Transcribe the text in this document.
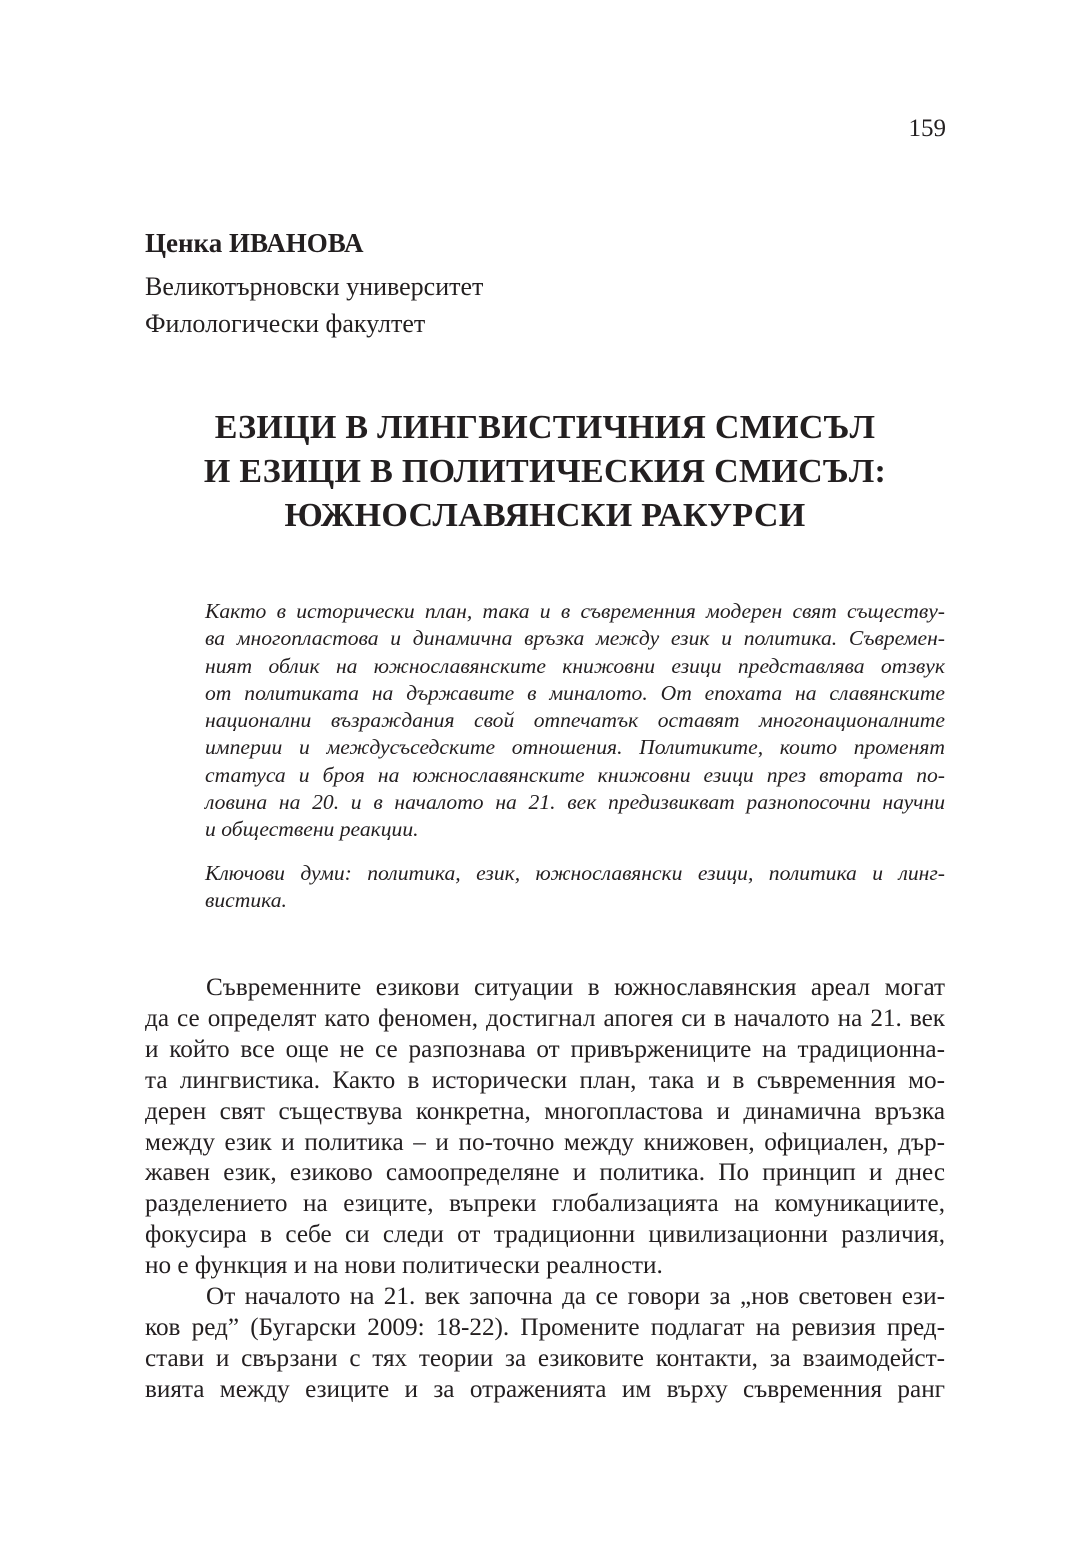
159
Ценка ИВАНОВА
Великотърновски университет
Филологически факултет
ЕЗИЦИ В ЛИНГВИСТИЧНИЯ СМИСЪЛ
И ЕЗИЦИ В ПОЛИТИЧЕСКИЯ СМИСЪЛ:
ЮЖНОСЛАВЯНСКИ РАКУРСИ
Както в исторически план, така и в съвременния модерен свят съществу-
ва многопластова и динамична връзка между език и политика. Съвремен-
ният облик на южнославянските книжовни езици представлява отзвук
от политиката на държавите в миналото. От епохата на славянските
национални възраждания свой отпечатък оставят многонационалните
империи и междусъседските отношения. Политиките, които променят
статуса и броя на южнославянските книжовни езици през втората по-
ловина на 20. и в началото на 21. век предизвикват разнопосочни научни
и обществени реакции.
Ключови думи: политика, език, южнославянски езици, политика и линг-
вистика.
Съвременните езикови ситуации в южнославянския ареал могат
да се определят като феномен, достигнал апогея си в началото на 21. век
и който все още не се разпознава от привържениците на традиционна-
та лингвистика. Както в исторически план, така и в съвременния мо-
дерен свят съществува конкретна, многопластова и динамична връзка
между език и политика – и по-точно между книжовен, официален, дър-
жавен език, езиково самоопределяне и политика. По принцип и днес
разделението на езиците, въпреки глобализацията на комуникациите,
фокусира в себе си следи от традиционни цивилизационни различия,
но е функция и на нови политически реалности.
От началото на 21. век започна да се говори за „нов световен ези-
ков ред” (Бугарски 2009: 18-22). Промените подлагат на ревизия пред-
стави и свързани с тях теории за езиковите контакти, за взаимодейст-
вията между езиците и за отраженията им върху съвременния ранг
